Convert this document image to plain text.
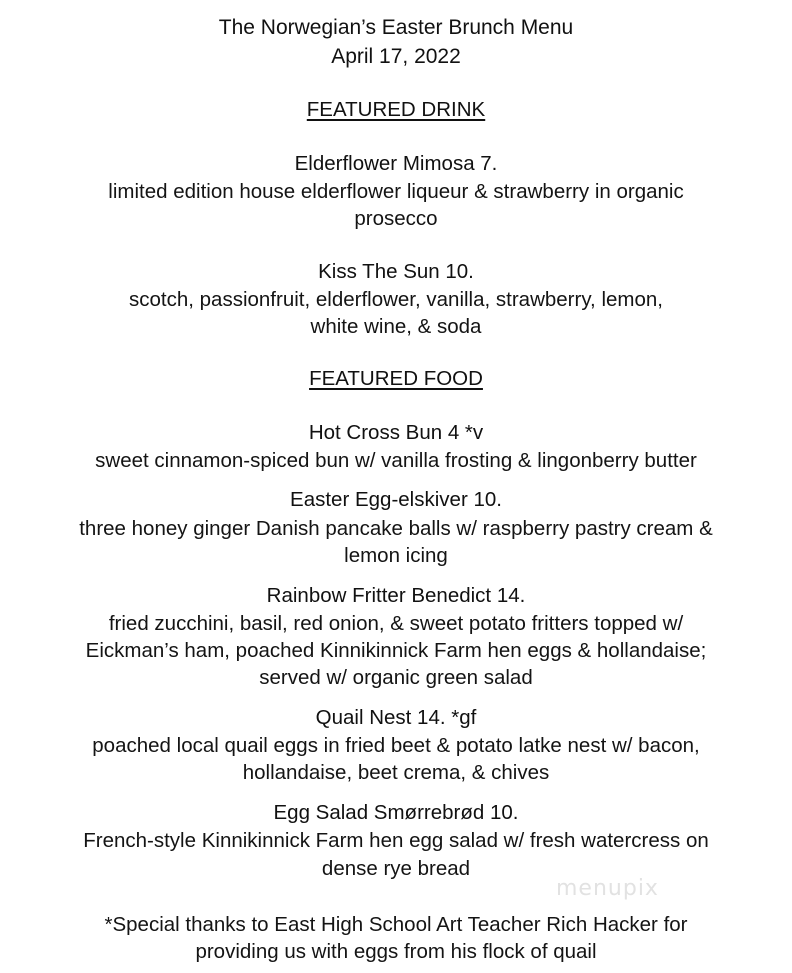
The Norwegian’s Easter Brunch Menu
April 17, 2022
FEATURED DRINK
Elderflower Mimosa 7.
limited edition house elderflower liqueur & strawberry in organic
prosecco
Kiss The Sun 10.
scotch, passionfruit, elderflower, vanilla, strawberry, lemon,
white wine, & soda
FEATURED FOOD
Hot Cross Bun 4 *v
sweet cinnamon-spiced bun w/ vanilla frosting & lingonberry butter
Easter Egg-elskiver 10.
three honey ginger Danish pancake balls w/ raspberry pastry cream &
lemon icing
Rainbow Fritter Benedict 14.
fried zucchini, basil, red onion, & sweet potato fritters topped w/
Eickman’s ham, poached Kinnikinnick Farm hen eggs & hollandaise;
served w/ organic green salad
Quail Nest 14. *gf
poached local quail eggs in fried beet & potato latke nest w/ bacon,
hollandaise, beet crema, & chives
Egg Salad Smørrebrød 10.
French-style Kinnikinnick Farm hen egg salad w/ fresh watercress on
dense rye bread
*Special thanks to East High School Art Teacher Rich Hacker for
providing us with eggs from his flock of quail
menupix
